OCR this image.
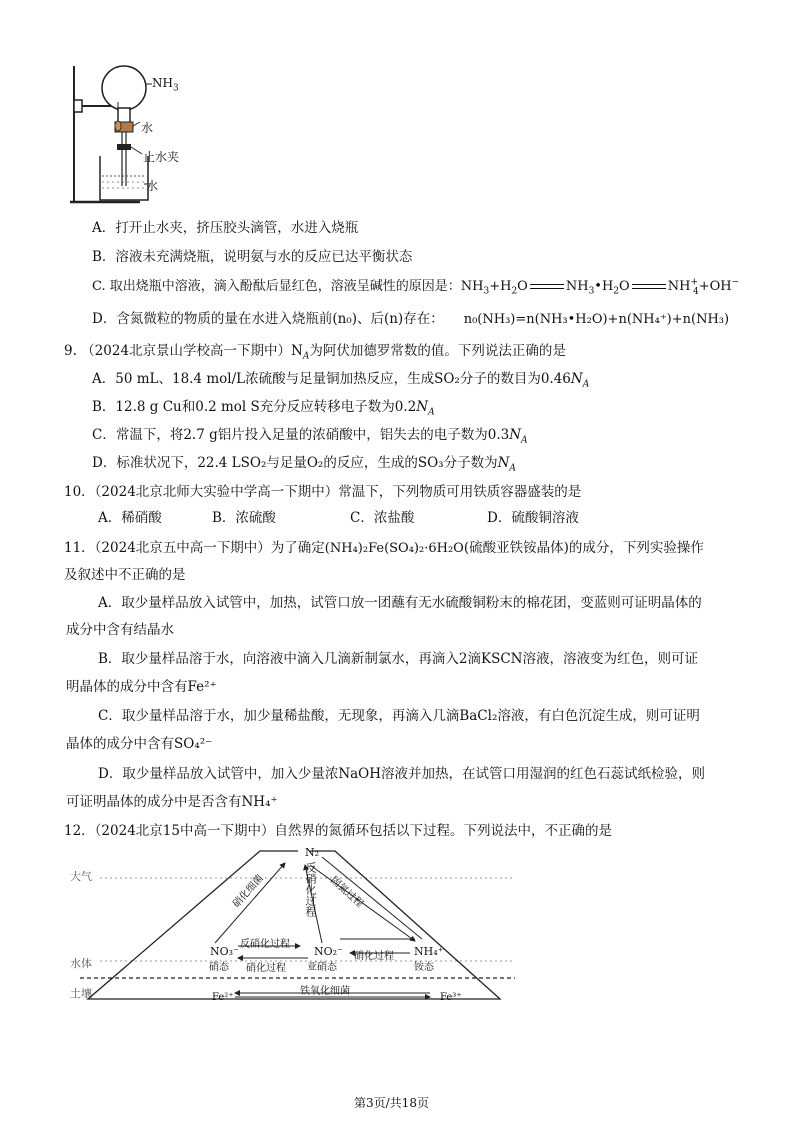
$NH_3$
水
止水夹
水
A．打开止水夹，挤压胶头滴管，水进入烧瓶
B．溶液未充满烧瓶，说明氨与水的反应已达平衡状态
C. 取出烧瓶中溶液，滴入酚酞后显红色，溶液呈碱性的原因是：$NH_3+H_2O$	$NH_3•H_2O$	$NH^+_4+OH^-$
D．含氮微粒的物质的量在水进入烧瓶前(n₀)、后(n)存在： n₀(NH₃)=n(NH₃•H₂O)+n(NH₄⁺)+n(NH₃)
9. （2024北京景山学校高一下期中）$N_A$为阿伏加德罗常数的值。下列说法正确的是
A．50 mL、18.4 mol/L浓硫酸与足量铜加热反应，生成SO₂分子的数目为$0.46N_A$
B．12.8 g Cu和0.2 mol S充分反应转移电子数为$0.2N_A$
C．常温下，将2.7 g铝片投入足量的浓硝酸中，铝失去的电子数为$0.3N_A$
D．标准状况下，22.4 LSO₂与足量O₂的反应，生成的SO₃分子数为$N_A$
10．（2024北京北师大实验中学高一下期中）常温下，下列物质可用铁质容器盛装的是
A．稀硝酸	B．浓硫酸	C．浓盐酸	D．硫酸铜溶液
11．（2024北京五中高一下期中）为了确定(NH₄)₂Fe(SO₄)₂·6H₂O(硫酸亚铁铵晶体)的成分，下列实验操作
及叙述中不正确的是
A．取少量样品放入试管中，加热，试管口放一团蘸有无水硫酸铜粉末的棉花团，变蓝则可证明晶体的
成分中含有结晶水
B．取少量样品溶于水，向溶液中滴入几滴新制氯水，再滴入2滴KSCN溶液，溶液变为红色，则可证
明晶体的成分中含有Fe²⁺
C．取少量样品溶于水，加少量稀盐酸，无现象，再滴入几滴BaCl₂溶液，有白色沉淀生成，则可证明
晶体的成分中含有SO₄²⁻
D．取少量样品放入试管中，加入少量浓NaOH溶液并加热，在试管口用湿润的红色石蕊试纸检验，则
可证明晶体的成分中是否含有NH₄⁺
12．（2024北京15中高一下期中）自然界的氮循环包括以下过程。下列说法中，不正确的是
大气
水体
土壤
N₂
NO₃⁻
硝态
NO₂⁻
亚硝态
NH₄⁺
铵态
硝化细菌	反硝化过程 固氮过程
反硝化过程
硝化过程
硝化过程
铁氧化细菌
Fe²⁺	Fe³⁺
第3页/共18页
